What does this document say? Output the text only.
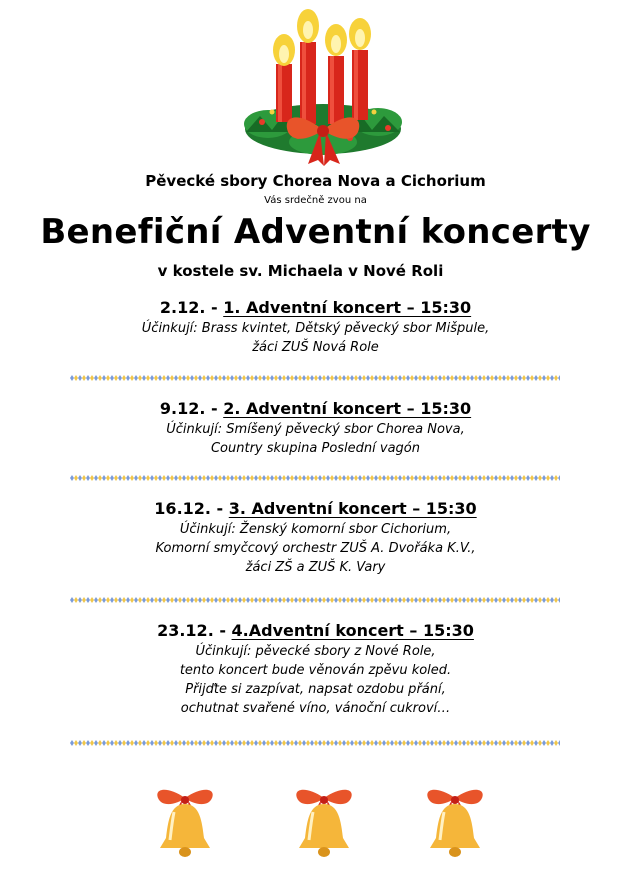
Pěvecké sbory Chorea Nova a Cichorium
Vás srdečně zvou na
Benefiční Adventní koncerty
v kostele sv. Michaela v Nové Roli
2.12. - 1. Adventní koncert – 15:30
Účinkují: Brass kvintet, Dětský pěvecký sbor Mišpule,
žáci ZUŠ Nová Role
9.12. - 2. Adventní koncert – 15:30
Účinkují: Smíšený pěvecký sbor Chorea Nova,
Country skupina Poslední vagón
16.12. - 3. Adventní koncert – 15:30
Účinkují: Ženský komorní sbor Cichorium,
Komorní smyčcový orchestr ZUŠ A. Dvořáka K.V.,
žáci ZŠ a ZUŠ K. Vary
23.12. - 4.Adventní koncert – 15:30
Účinkují: pěvecké sbory z Nové Role,
tento koncert bude věnován zpěvu koled.
Přijďte si zazpívat, napsat ozdobu přání,
ochutnat svařené víno, vánoční cukroví…
